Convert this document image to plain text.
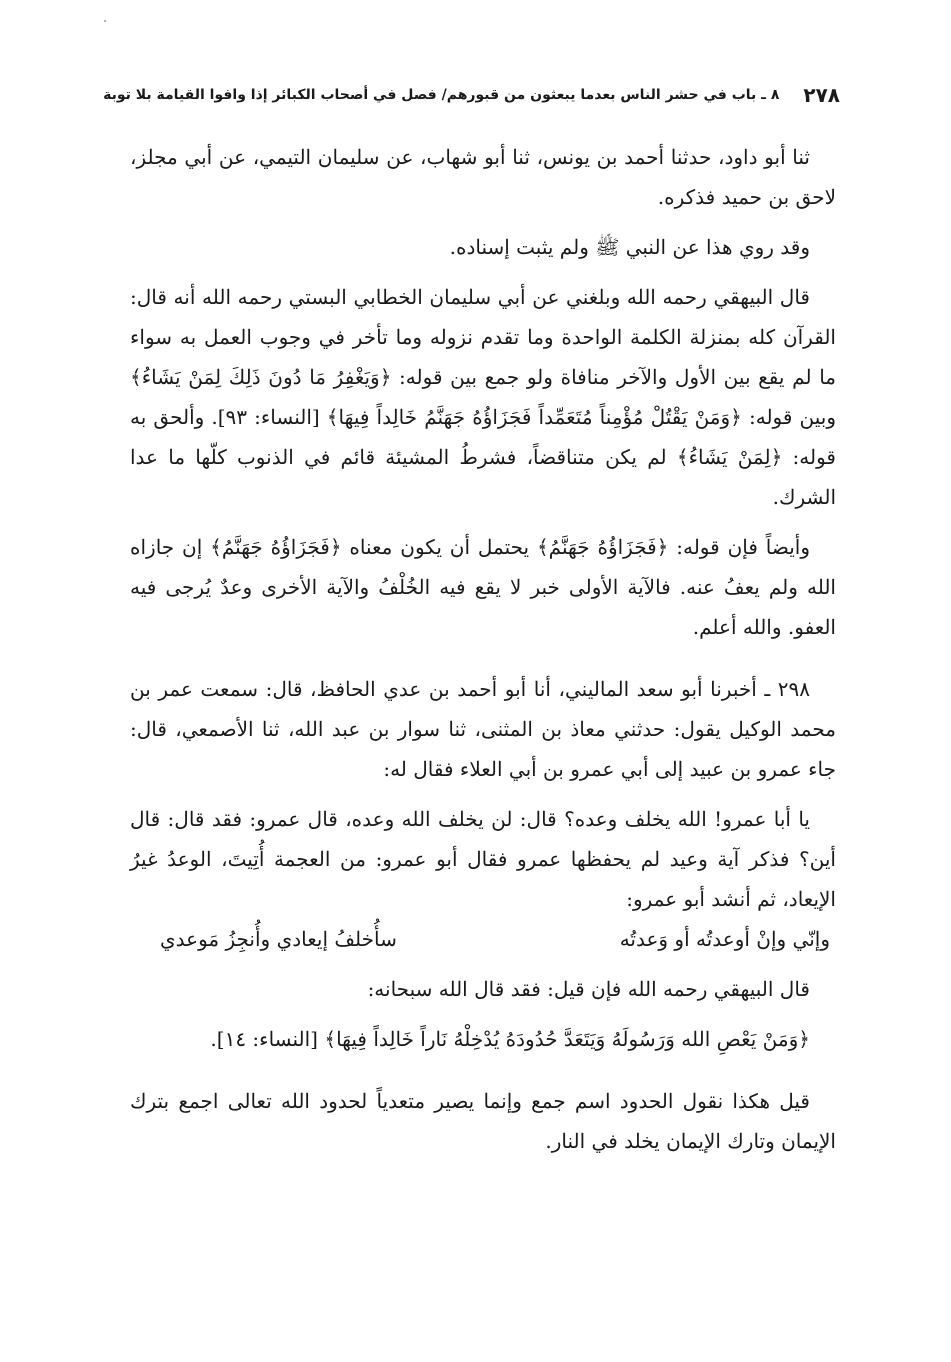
٢٧٨
٨ ـ باب في حشر الناس بعدما يبعثون من قبورهم/ فصل في أصحاب الكبائر إذا وافوا القيامة بلا توبة

ثنا أبو داود، حدثنا أحمد بن يونس، ثنا أبو شهاب، عن سليمان التيمي، عن أبي مجلز، لاحق بن حميد فذكره.

وقد روي هذا عن النبي ﷺ ولم يثبت إسناده.

قال البيهقي رحمه الله وبلغني عن أبي سليمان الخطابي البستي رحمه الله أنه قال: القرآن كله بمنزلة الكلمة الواحدة وما تقدم نزوله وما تأخر في وجوب العمل به سواء ما لم يقع بين الأول والآخر منافاة ولو جمع بين قوله: ﴿وَيَغْفِرُ مَا دُونَ ذَلِكَ لِمَنْ يَشَاءُ﴾ وبين قوله: ﴿وَمَنْ يَقْتُلْ مُؤْمِناً مُتَعَمِّداً فَجَزَاؤُهُ جَهَنَّمُ خَالِداً فِيهَا﴾ [النساء: ٩٣]. وألحق به قوله: ﴿لِمَنْ يَشَاءُ﴾ لم يكن متناقضاً، فشرطُ المشيئة قائم في الذنوب كلّها ما عدا الشرك.

وأيضاً فإن قوله: ﴿فَجَزَاؤُهُ جَهَنَّمُ﴾ يحتمل أن يكون معناه ﴿فَجَزَاؤُهُ جَهَنَّمُ﴾ إن جازاه الله ولم يعفُ عنه. فالآية الأولى خبر لا يقع فيه الخُلْفُ والآية الأخرى وعدٌ يُرجى فيه العفو. والله أعلم.

٢٩٨ ـ أخبرنا أبو سعد الماليني، أنا أبو أحمد بن عدي الحافظ، قال: سمعت عمر بن محمد الوكيل يقول: حدثني معاذ بن المثنى، ثنا سوار بن عبد الله، ثنا الأصمعي، قال: جاء عمرو بن عبيد إلى أبي عمرو بن أبي العلاء فقال له:

يا أبا عمرو! الله يخلف وعده؟ قال: لن يخلف الله وعده، قال عمرو: فقد قال: قال أين؟ فذكر آية وعيد لم يحفظها عمرو فقال أبو عمرو: من العجمة أُتِيتَ، الوعدُ غيرُ الإيعاد، ثم أنشد أبو عمرو:

وإنّي وإنْ أوعدتُه أو وَعدتُه
سأُخلفُ إيعادي وأُنجِزُ مَوعدي

قال البيهقي رحمه الله فإن قيل: فقد قال الله سبحانه:

﴿وَمَنْ يَعْصِ الله وَرَسُولَهُ وَيَتَعَدَّ حُدُودَهُ يُدْخِلْهُ نَاراً خَالِداً فِيهَا﴾ [النساء: ١٤].

قيل هكذا نقول الحدود اسم جمع وإنما يصير متعدياً لحدود الله تعالى اجمع بترك الإيمان وتارك الإيمان يخلد في النار.
